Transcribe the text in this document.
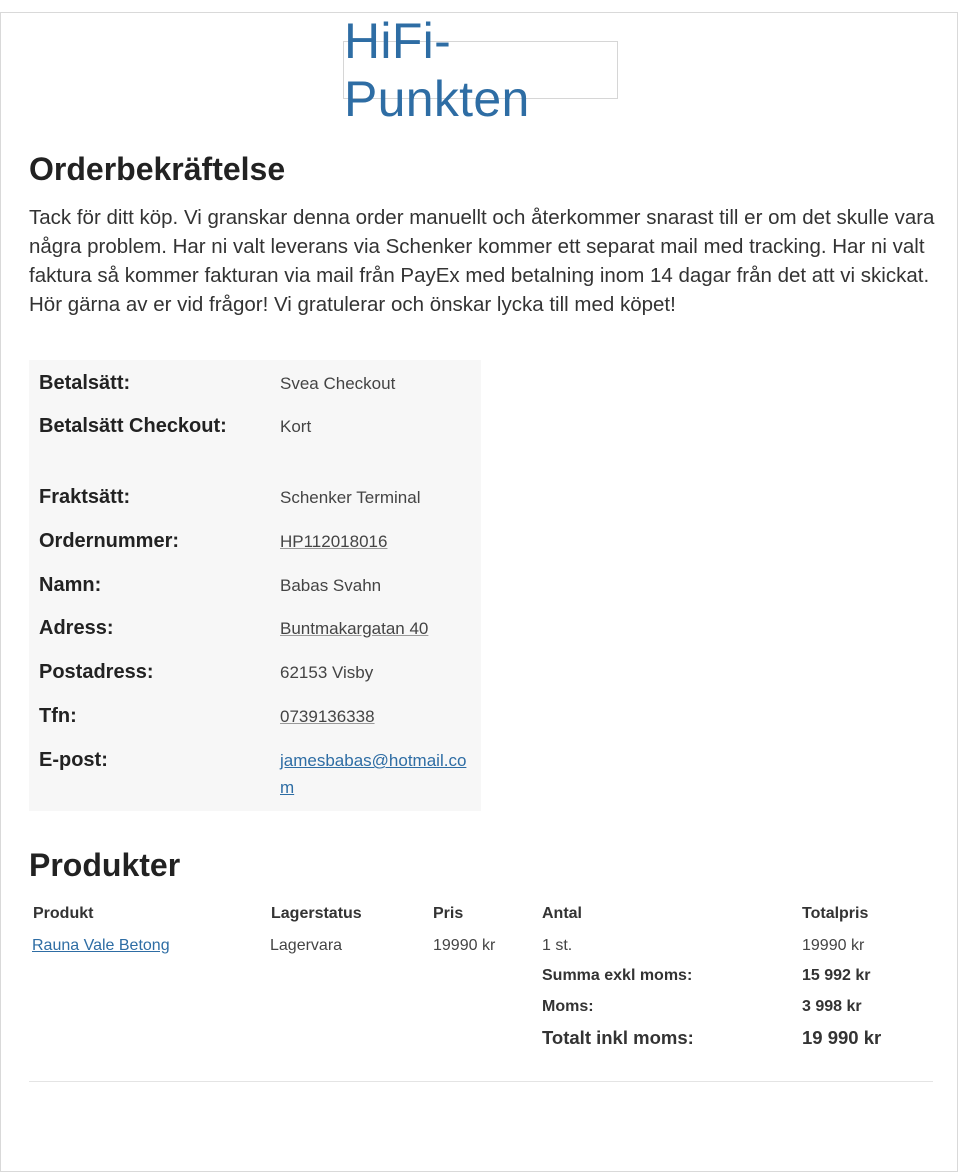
HiFi-Punkten
Orderbekräftelse

Tack för ditt köp. Vi granskar denna order manuellt och återkommer snarast till er om det skulle vara några problem. Har ni valt leverans via Schenker kommer ett separat mail med tracking. Har ni valt faktura så kommer fakturan via mail från PayEx med betalning inom 14 dagar från det att vi skickat. Hör gärna av er vid frågor! Vi gratulerar och önskar lycka till med köpet!

Betalsätt:	Svea Checkout
Betalsätt Checkout:	Kort
Fraktsätt:	Schenker Terminal
Ordernummer:	HP112018016
Namn:	Babas Svahn
Adress:	Buntmakargatan 40
Postadress:	62153 Visby
Tfn:	0739136338
E-post:	jamesbabas@hotmail.com
Produkter
Produkt	Lagerstatus	Pris	Antal	Totalpris
Rauna Vale Betong	Lagervara	19990 kr	1 st.	19990 kr
Summa exkl moms:	15 992 kr
Moms:	3 998 kr
Totalt inkl moms:	19 990 kr
